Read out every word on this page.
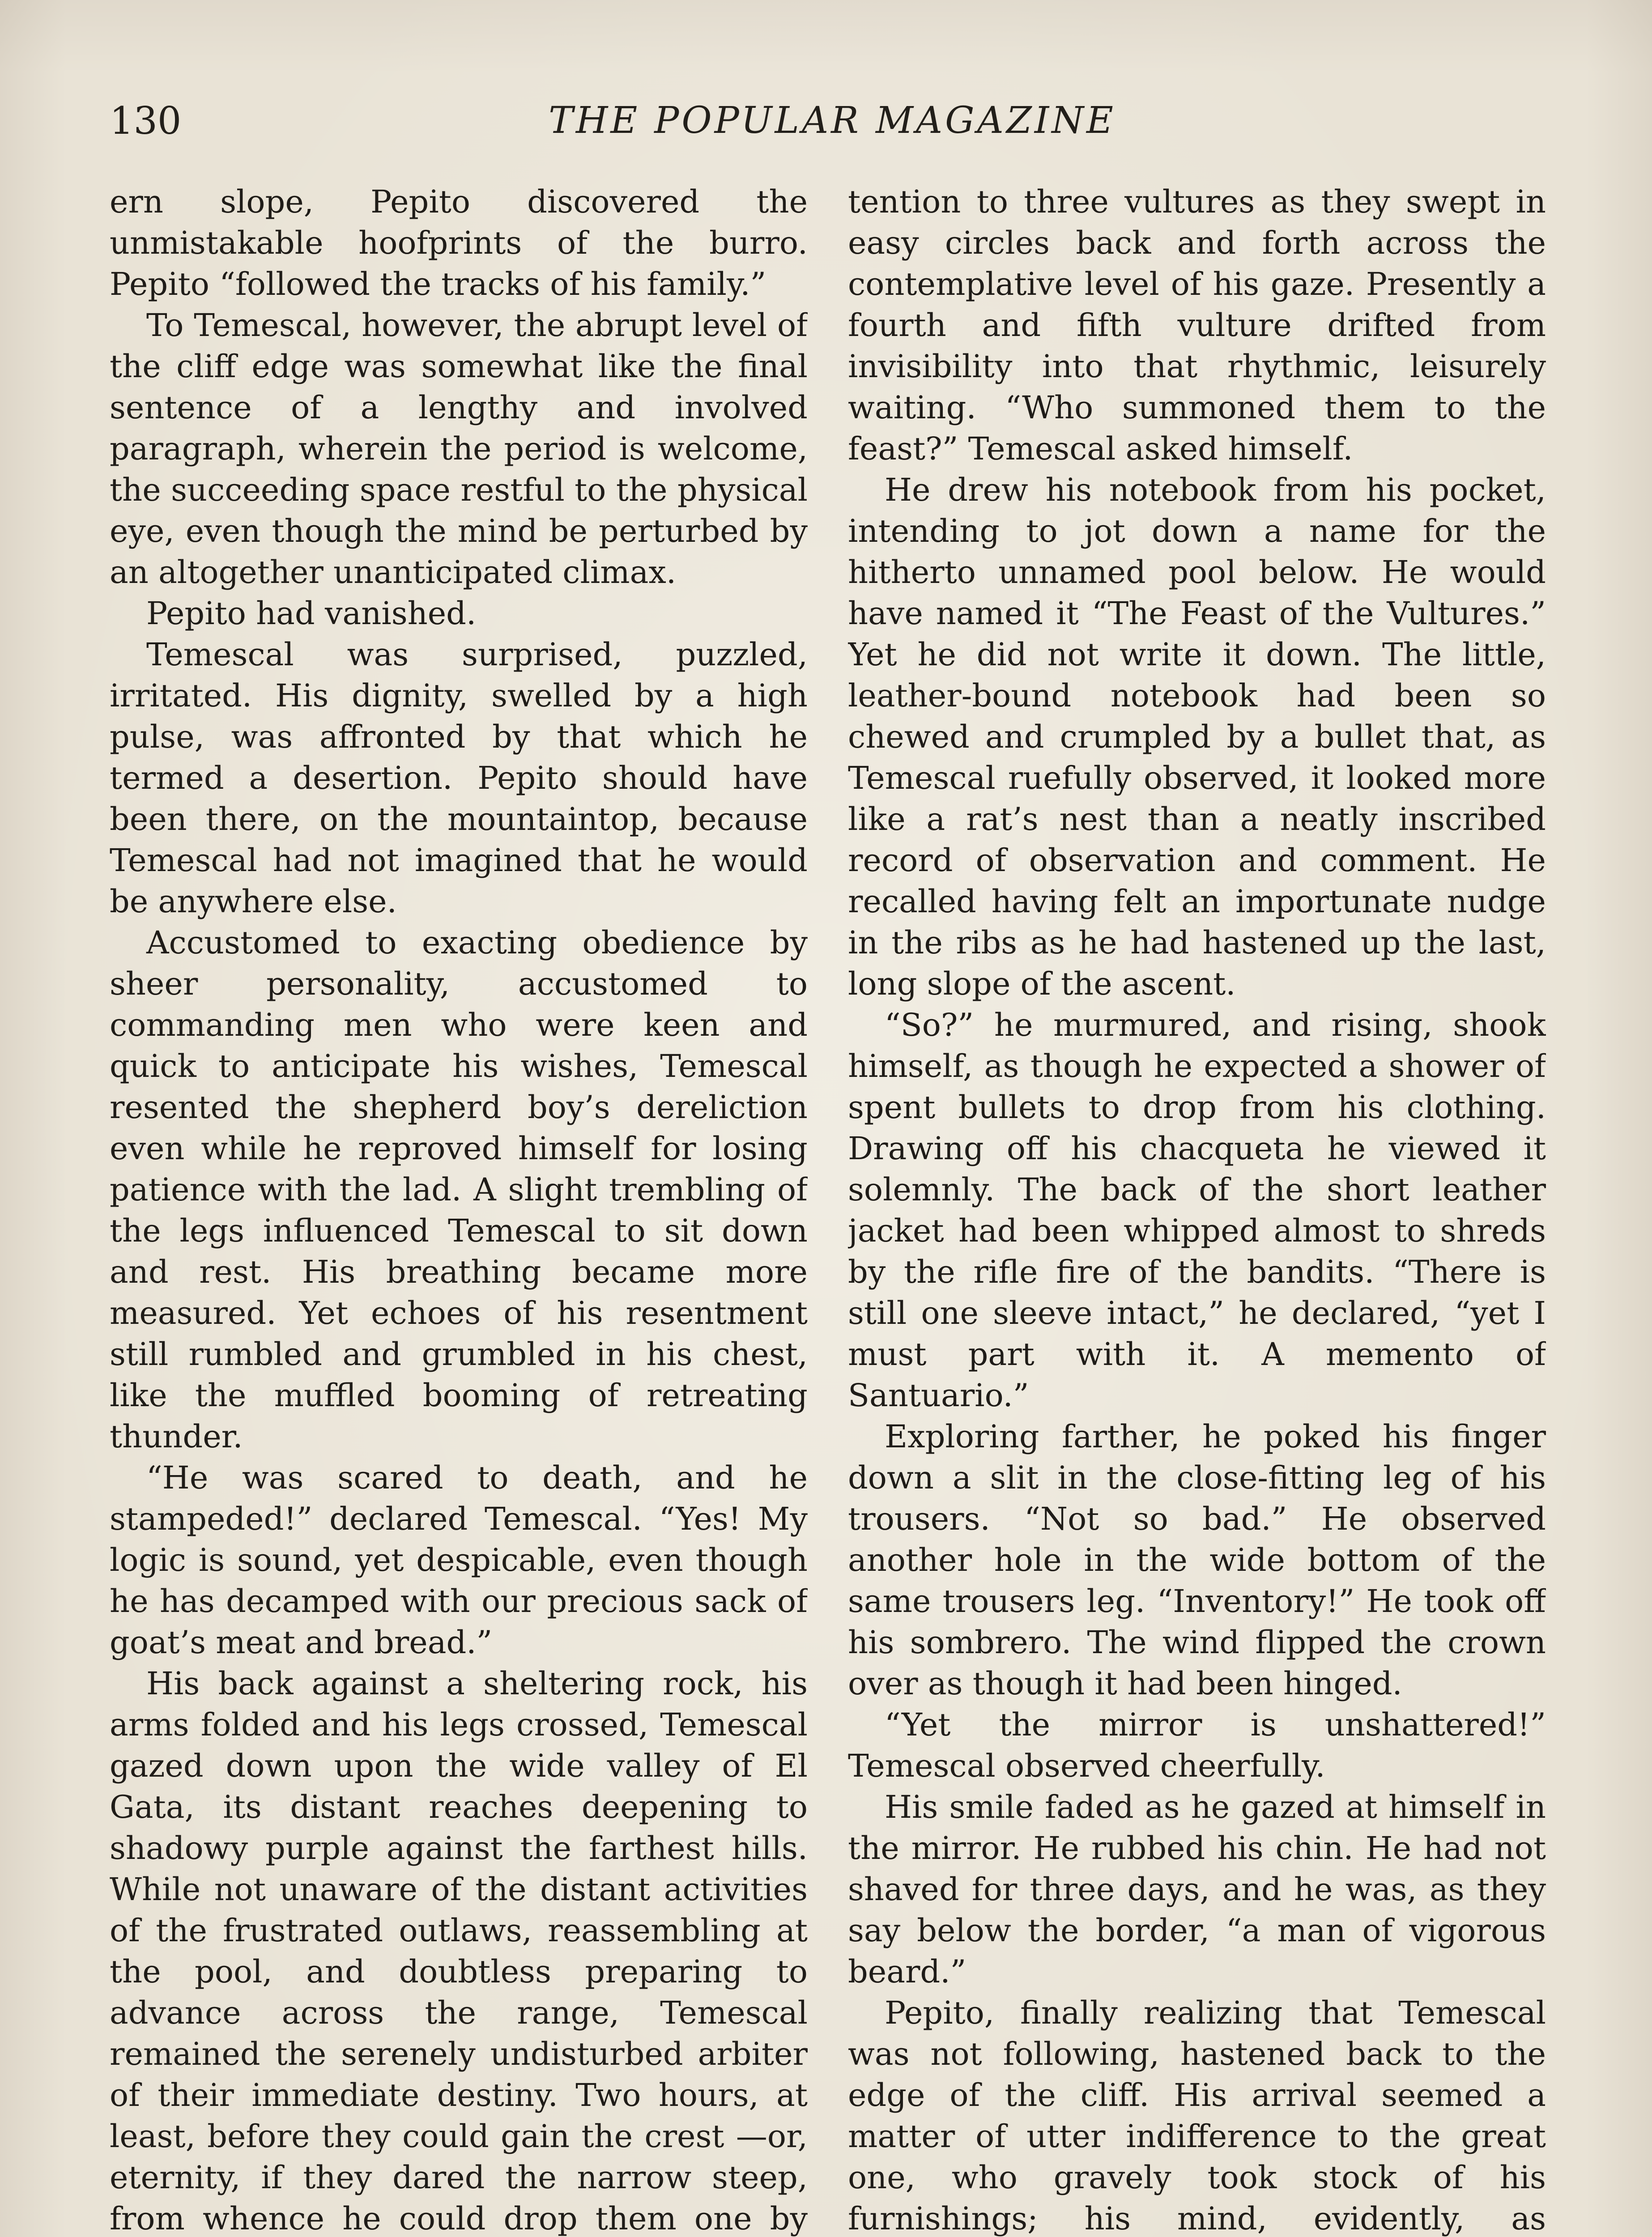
130	THE POPULAR MAGAZINE

ern slope, Pepito discovered the unmistakable hoofprints of the burro. Pepito “followed the tracks of his family.”

To Temescal, however, the abrupt level of the cliff edge was somewhat like the final sentence of a lengthy and involved paragraph, wherein the period is welcome, the succeeding space restful to the physical eye, even though the mind be perturbed by an altogether unanticipated climax.

Pepito had vanished.

Temescal was surprised, puzzled, irritated. His dignity, swelled by a high pulse, was affronted by that which he termed a desertion. Pepito should have been there, on the mountaintop, because Temescal had not imagined that he would be anywhere else.

Accustomed to exacting obedience by sheer personality, accustomed to commanding men who were keen and quick to anticipate his wishes, Temescal resented the shepherd boy’s dereliction even while he reproved himself for losing patience with the lad. A slight trembling of the legs influenced Temescal to sit down and rest. His breathing became more measured. Yet echoes of his resentment still rumbled and grumbled in his chest, like the muffled booming of retreating thunder.

“He was scared to death, and he stampeded!” declared Temescal. “Yes! My logic is sound, yet despicable, even though he has decamped with our precious sack of goat’s meat and bread.”

His back against a sheltering rock, his arms folded and his legs crossed, Temescal gazed down upon the wide valley of El Gata, its distant reaches deepening to shadowy purple against the farthest hills. While not unaware of the distant activities of the frustrated outlaws, reassembling at the pool, and doubtless preparing to advance across the range, Temescal remained the serenely undisturbed arbiter of their immediate destiny. Two hours, at least, before they could gain the crest —or, eternity, if they dared the narrow steep, from whence he could drop them one by

tention to three vultures as they swept in easy circles back and forth across the contemplative level of his gaze. Presently a fourth and fifth vulture drifted from invisibility into that rhythmic, leisurely waiting. “Who summoned them to the feast?” Temescal asked himself.

He drew his notebook from his pocket, intending to jot down a name for the hitherto unnamed pool below. He would have named it “The Feast of the Vultures.” Yet he did not write it down. The little, leather-bound notebook had been so chewed and crumpled by a bullet that, as Temescal ruefully observed, it looked more like a rat’s nest than a neatly inscribed record of observation and comment. He recalled having felt an importunate nudge in the ribs as he had hastened up the last, long slope of the ascent.

“So?” he murmured, and rising, shook himself, as though he expected a shower of spent bullets to drop from his clothing. Drawing off his chacqueta he viewed it solemnly. The back of the short leather jacket had been whipped almost to shreds by the rifle fire of the bandits. “There is still one sleeve intact,” he declared, “yet I must part with it. A memento of Santuario.”

Exploring farther, he poked his finger down a slit in the close-fitting leg of his trousers. “Not so bad.” He observed another hole in the wide bottom of the same trousers leg. “Inventory!” He took off his sombrero. The wind flipped the crown over as though it had been hinged.

“Yet the mirror is unshattered!” Temescal observed cheerfully.

His smile faded as he gazed at himself in the mirror. He rubbed his chin. He had not shaved for three days, and he was, as they say below the border, “a man of vigorous beard.”

Pepito, finally realizing that Temescal was not following, hastened back to the edge of the cliff. His arrival seemed a matter of utter indifference to the great one, who gravely took stock of his furnishings; his mind, evidently, as
